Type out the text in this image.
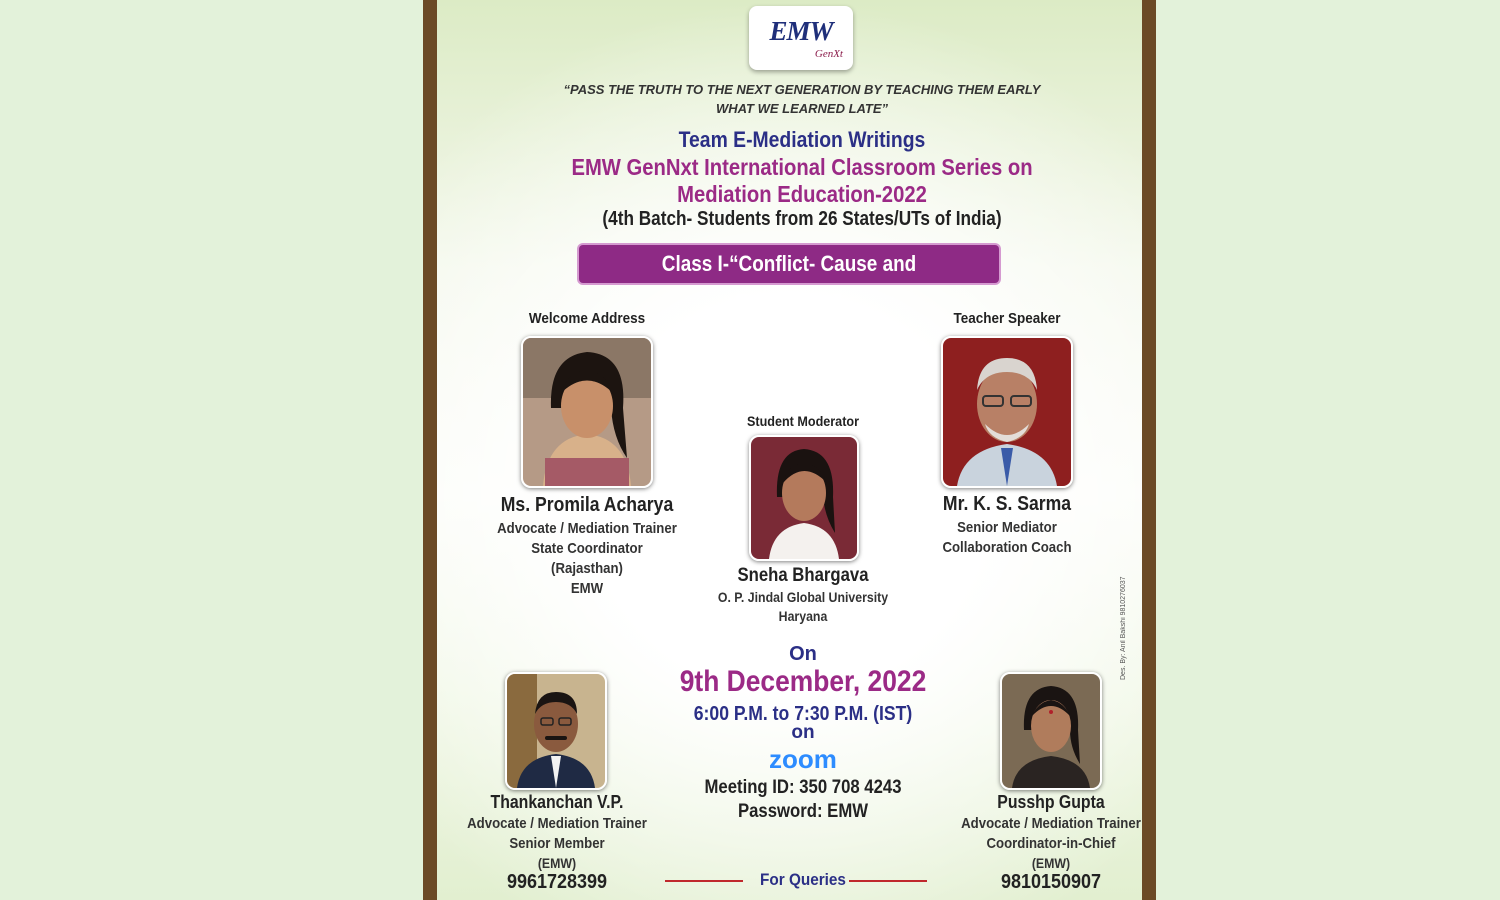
EMW
GenXt
“PASS THE TRUTH TO THE NEXT GENERATION BY TEACHING THEM EARLY WHAT WE LEARNED LATE”
Team E-Mediation Writings
EMW GenNxt International Classroom Series on
Mediation Education-2022
(4th Batch- Students from 26 States/UTs of India)
Class I-“Conflict- Cause and Prevention”
Welcome Address
Ms. Promila Acharya
Advocate / Mediation Trainer
State Coordinator
(Rajasthan)
EMW
Teacher Speaker
Mr. K. S. Sarma
Senior Mediator
Collaboration Coach
Student Moderator
Sneha Bhargava
O. P. Jindal Global University
Haryana
On
9th December, 2022
6:00 P.M. to 7:30 P.M. (IST)
on
zoom
Meeting ID: 350 708 4243
Password: EMW
For Queries
Thankanchan V.P.
Advocate / Mediation Trainer
Senior Member
(EMW)
9961728399
Pusshp Gupta
Advocate / Mediation Trainer
Coordinator-in-Chief
(EMW)
9810150907
Des. By: Anil Bakshi 9810276037
